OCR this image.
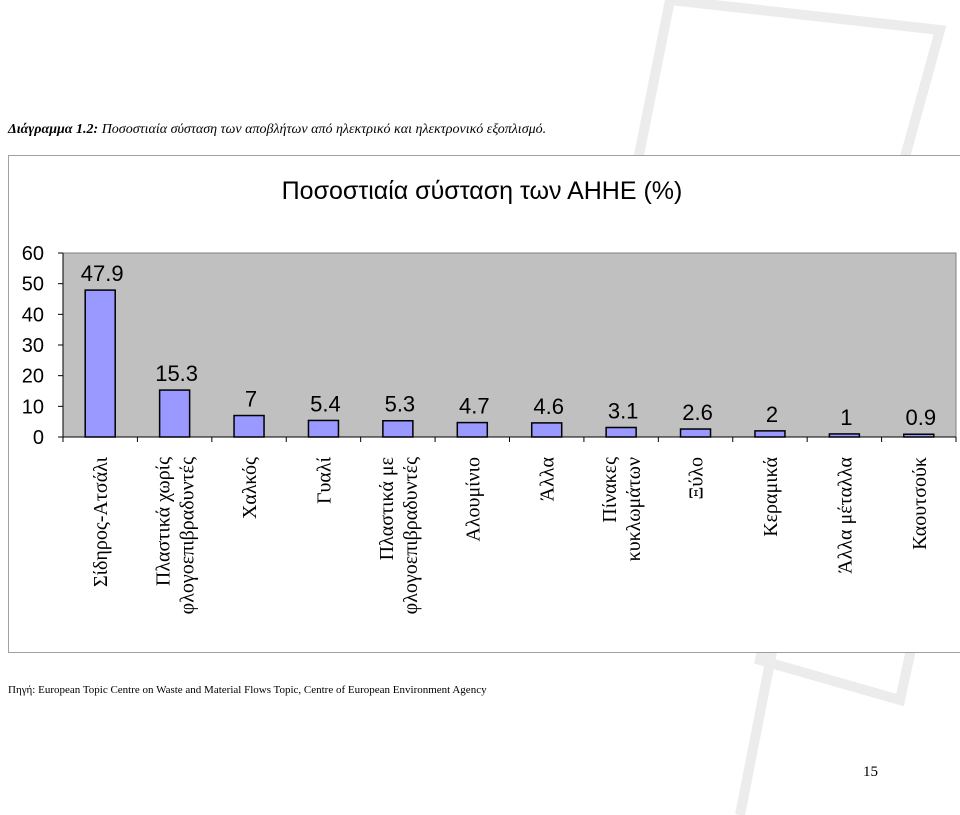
Διάγραμμα 1.2: Ποσοστιαία σύσταση των αποβλήτων από ηλεκτρικό και ηλεκτρονικό εξοπλισμό.
Ποσοστιαία σύσταση των ΑΗΗΕ (%)
0
10
20
30
40
50
60
47.9
Σίδηρος-Ατσάλι
15.3
Πλαστικά χωρίς φλογοεπιβραδυντές
7
Χαλκός
5.4
Γυαλί
5.3
Πλαστικά με φλογοεπιβραδυντές
4.7
Αλουμίνιο
4.6
Άλλα
3.1
Πίνακες κυκλωμάτων
2.6
Ξύλο
2
Κεραμικά
1
Άλλα μέταλλα
0.9
Καουτσούκ
Πηγή: European Topic Centre on Waste and Material Flows Topic, Centre of European Environment Agency
15
